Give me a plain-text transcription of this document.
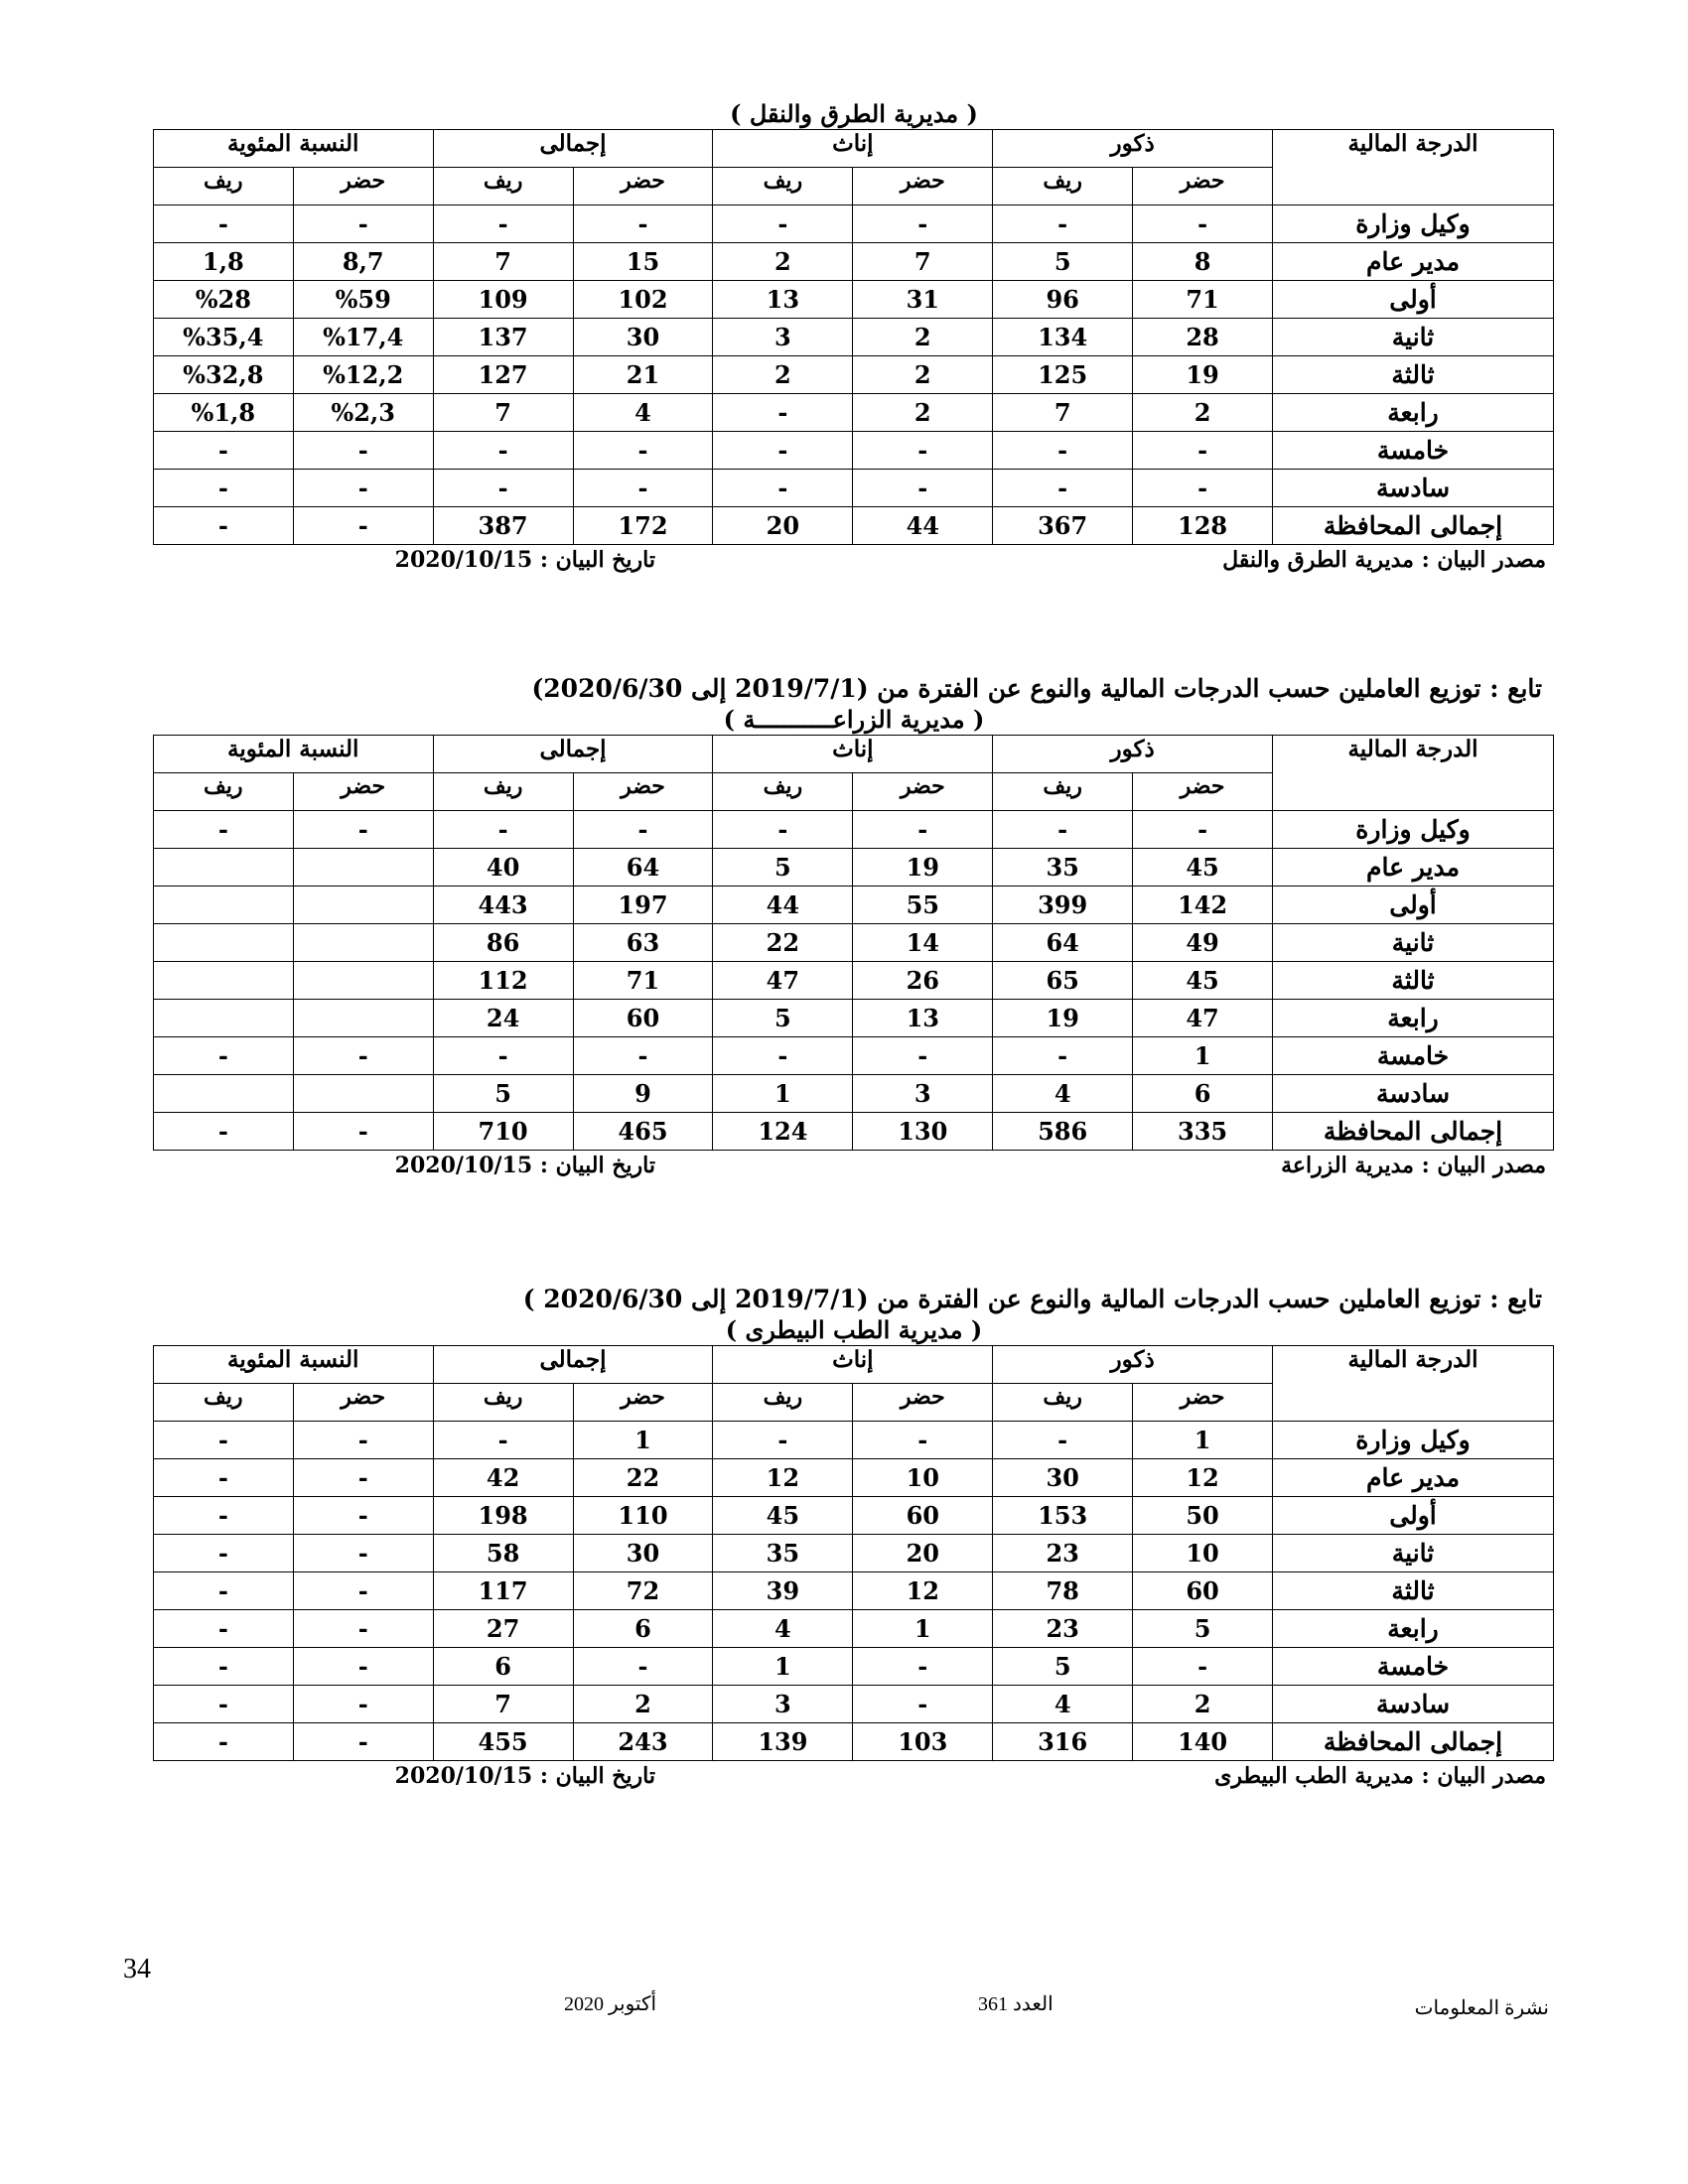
( مديرية الطرق والنقل )
الدرجة المالية	ذكور		إناث		إجمالى		النسبة المئوية	
	حضر	ريف	حضر	ريف	حضر	ريف	حضر	ريف
وكيل وزارة	-	-	-	-	-	-	-	-
مدير عام	8	5	7	2	15	7	8,7	1,8
أولى	71	96	31	13	102	109	%59	%28
ثانية	28	134	2	3	30	137	%17,4	%35,4
ثالثة	19	125	2	2	21	127	%12,2	%32,8
رابعة	2	7	2	-	4	7	%2,3	%1,8
خامسة	-	-	-	-	-	-	-	-
سادسة	-	-	-	-	-	-	-	-
إجمالى المحافظة	128	367	44	20	172	387	-	-
مصدر البيان : مديرية الطرق والنقل
تاريخ البيان : 2020/10/15
تابع : توزيع العاملين حسب الدرجات المالية والنوع عن الفترة من (2019/7/1 إلى 2020/6/30)
( مديرية الزراعـــــــــــة )
الدرجة المالية	ذكور		إناث		إجمالى		النسبة المئوية	
	حضر	ريف	حضر	ريف	حضر	ريف	حضر	ريف
وكيل وزارة	-	-	-	-	-	-	-	-
مدير عام	45	35	19	5	64	40		
أولى	142	399	55	44	197	443		
ثانية	49	64	14	22	63	86		
ثالثة	45	65	26	47	71	112		
رابعة	47	19	13	5	60	24		
خامسة	1	-	-	-	-	-	-	-
سادسة	6	4	3	1	9	5		
إجمالى المحافظة	335	586	130	124	465	710	-	-
مصدر البيان : مديرية الزراعة
تاريخ البيان : 2020/10/15
تابع : توزيع العاملين حسب الدرجات المالية والنوع عن الفترة من (2019/7/1 إلى 2020/6/30 )
( مديرية الطب البيطرى )
الدرجة المالية	ذكور		إناث		إجمالى		النسبة المئوية	
	حضر	ريف	حضر	ريف	حضر	ريف	حضر	ريف
وكيل وزارة	1	-	-	-	1	-	-	-
مدير عام	12	30	10	12	22	42	-	-
أولى	50	153	60	45	110	198	-	-
ثانية	10	23	20	35	30	58	-	-
ثالثة	60	78	12	39	72	117	-	-
رابعة	5	23	1	4	6	27	-	-
خامسة	-	5	-	1	-	6	-	-
سادسة	2	4	-	3	2	7	-	-
إجمالى المحافظة	140	316	103	139	243	455	-	-
مصدر البيان : مديرية الطب البيطرى
تاريخ البيان : 2020/10/15
34
نشرة المعلومات
العدد 361
أكتوبر 2020
